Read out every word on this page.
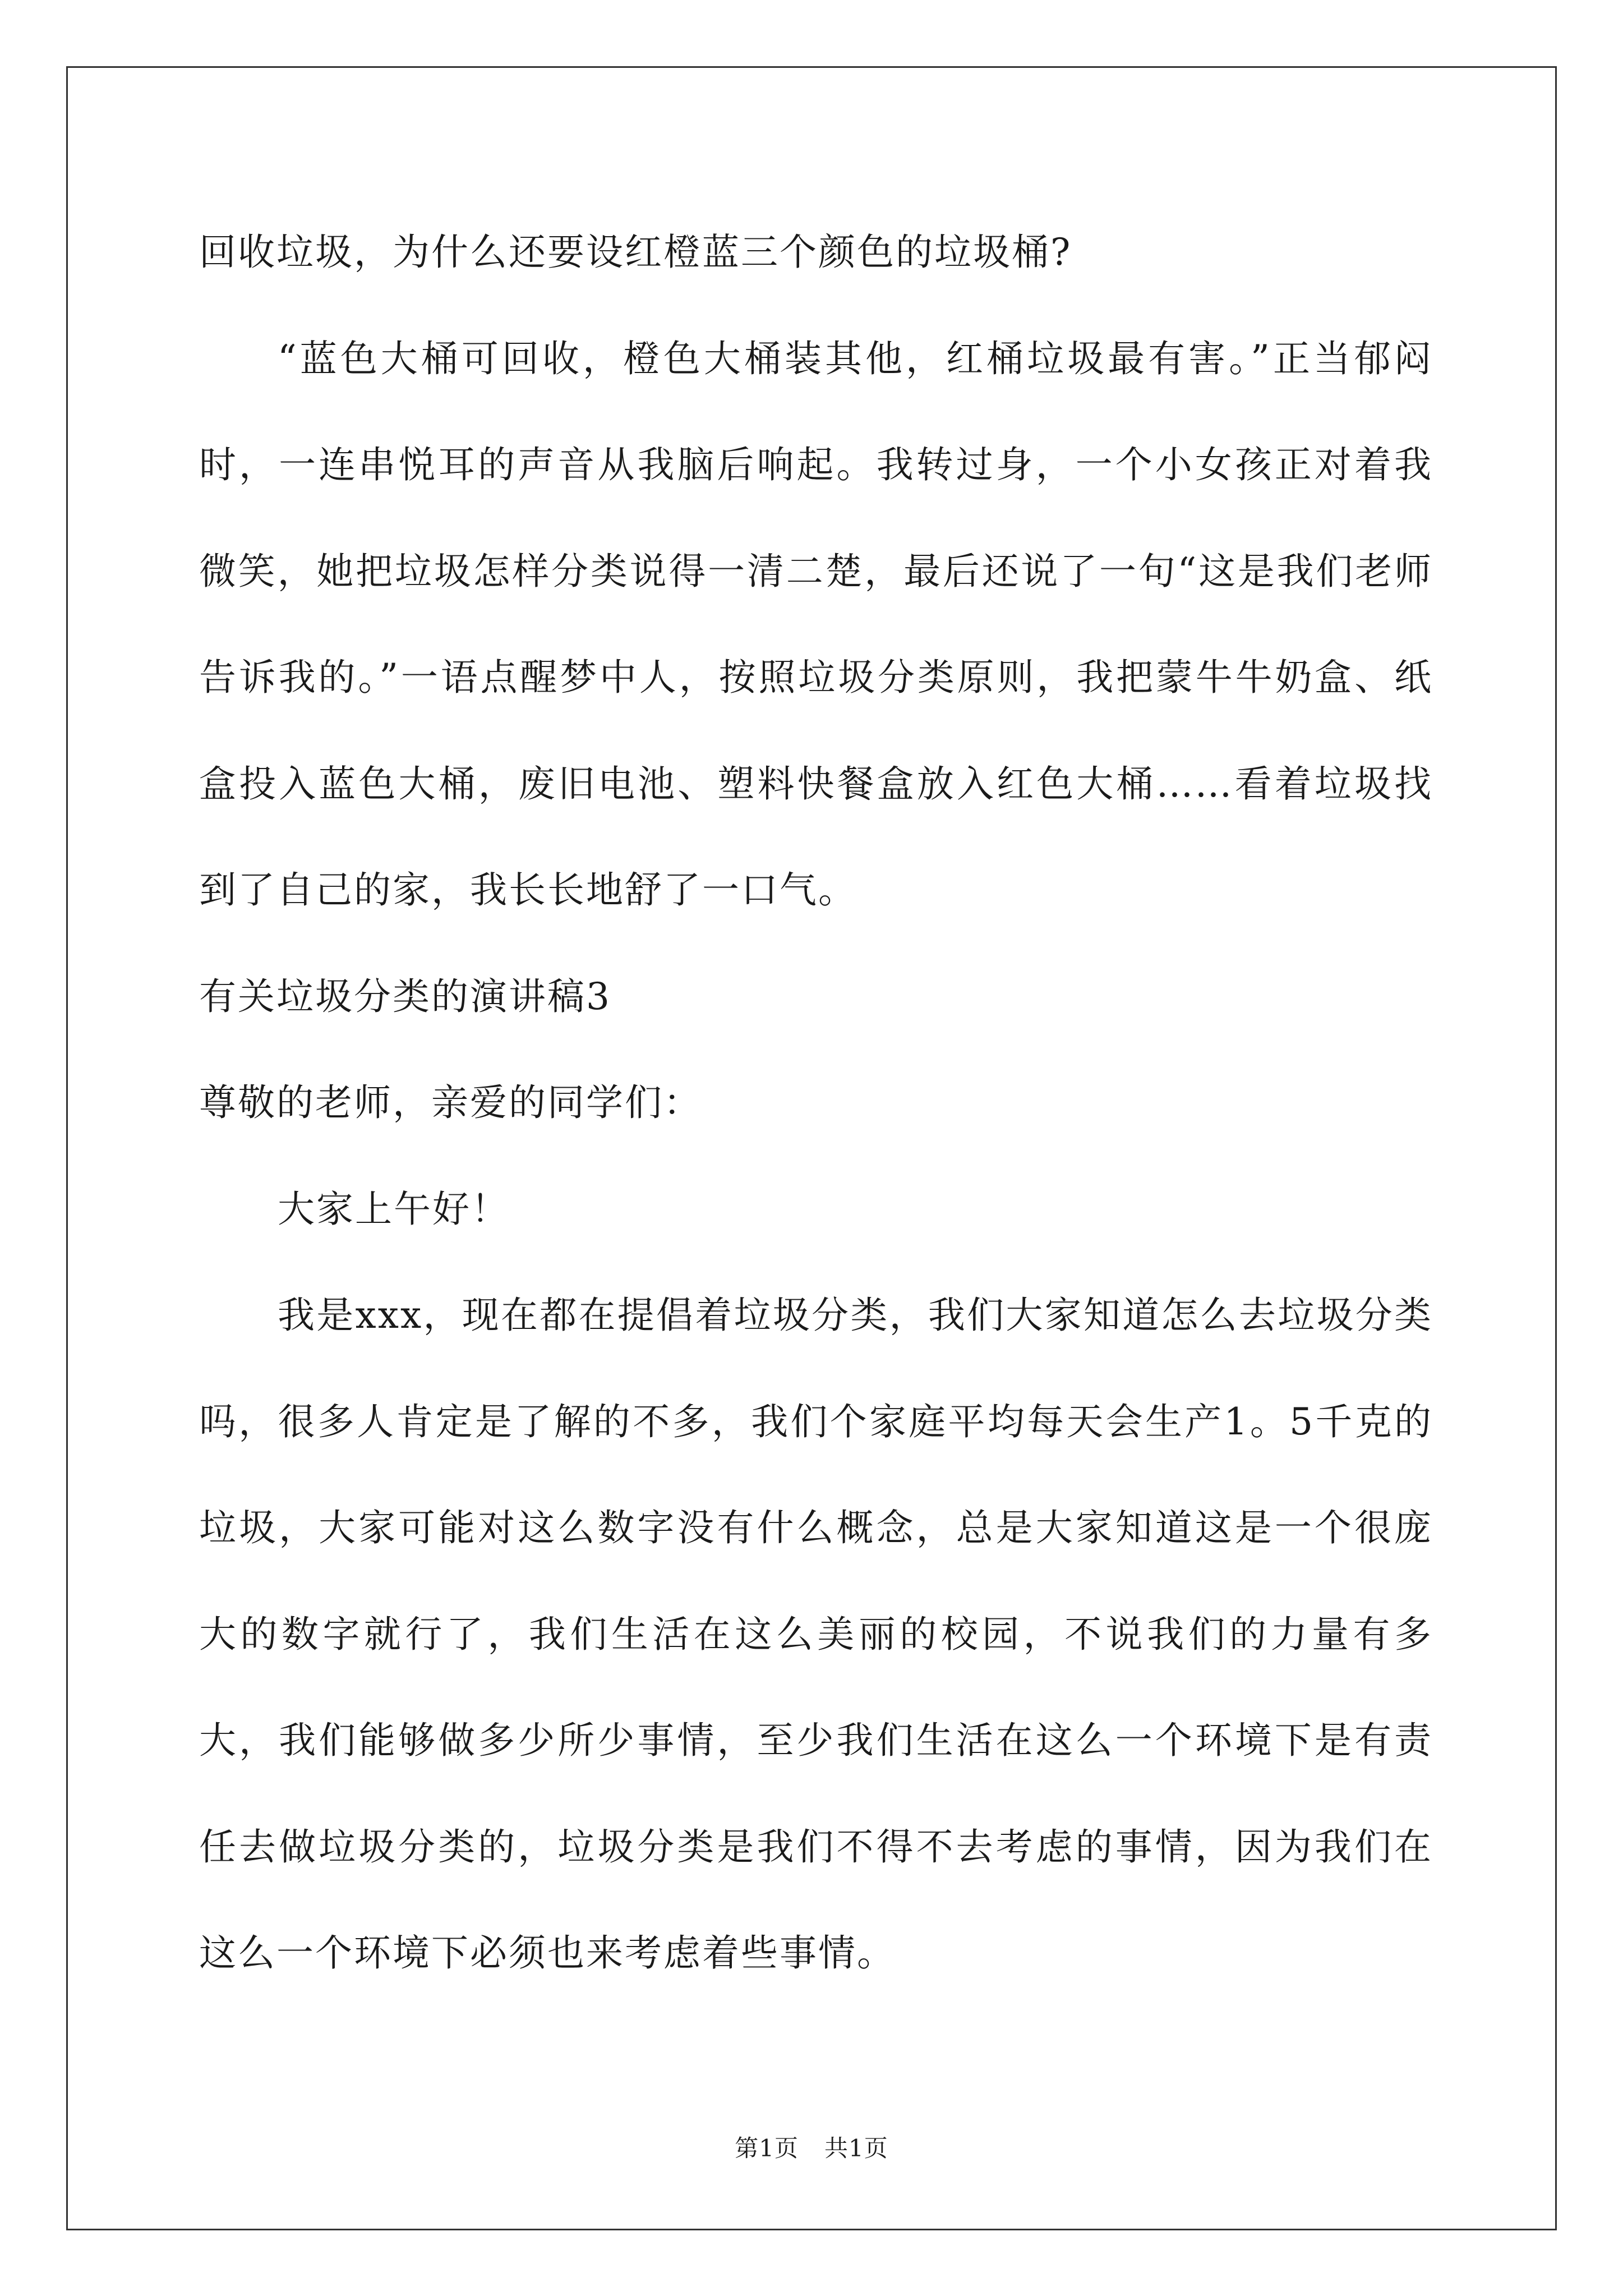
回收垃圾，为什么还要设红橙蓝三个颜色的垃圾桶?

“蓝色大桶可回收，橙色大桶装其他，红桶垃圾最有害。”正当郁闷时，一连串悦耳的声音从我脑后响起。我转过身，一个小女孩正对着我微笑，她把垃圾怎样分类说得一清二楚，最后还说了一句“这是我们老师告诉我的。”一语点醒梦中人，按照垃圾分类原则，我把蒙牛牛奶盒、纸盒投入蓝色大桶，废旧电池、塑料快餐盒放入红色大桶……看着垃圾找到了自己的家，我长长地舒了一口气。

有关垃圾分类的演讲稿3

尊敬的老师，亲爱的同学们：

大家上午好！

我是xxx，现在都在提倡着垃圾分类，我们大家知道怎么去垃圾分类吗，很多人肯定是了解的不多，我们个家庭平均每天会生产1。5千克的垃圾，大家可能对这么数字没有什么概念，总是大家知道这是一个很庞大的数字就行了，我们生活在这么美丽的校园，不说我们的力量有多大，我们能够做多少所少事情，至少我们生活在这么一个环境下是有责任去做垃圾分类的，垃圾分类是我们不得不去考虑的事情，因为我们在这么一个环境下必须也来考虑着些事情。

第1页 共1页
